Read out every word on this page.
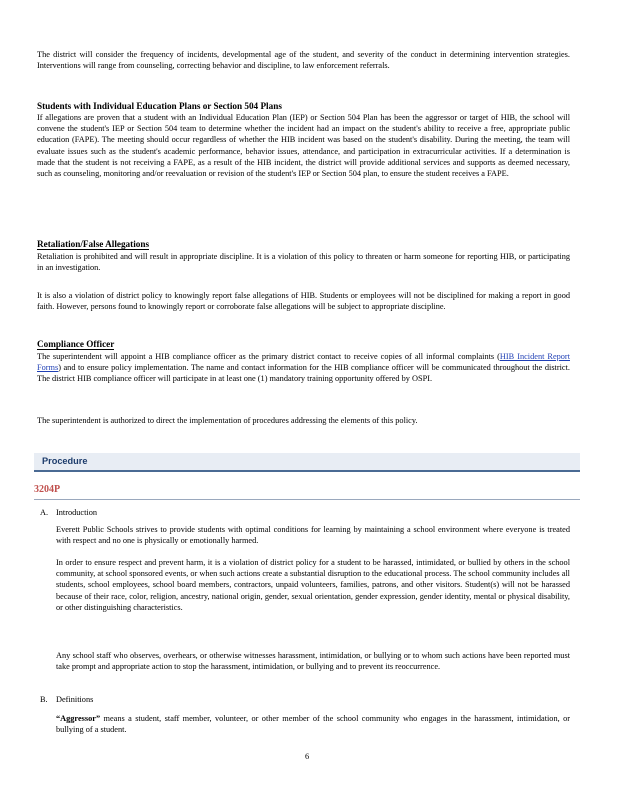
The district will consider the frequency of incidents, developmental age of the student, and severity of the conduct in determining intervention strategies. Interventions will range from counseling, correcting behavior and discipline, to law enforcement referrals.

Students with Individual Education Plans or Section 504 Plans

If allegations are proven that a student with an Individual Education Plan (IEP) or Section 504 Plan has been the aggressor or target of HIB, the school will convene the student's IEP or Section 504 team to determine whether the incident had an impact on the student's ability to receive a free, appropriate public education (FAPE). The meeting should occur regardless of whether the HIB incident was based on the student's disability. During the meeting, the team will evaluate issues such as the student's academic performance, behavior issues, attendance, and participation in extracurricular activities. If a determination is made that the student is not receiving a FAPE, as a result of the HIB incident, the district will provide additional services and supports as deemed necessary, such as counseling, monitoring and/or reevaluation or revision of the student's IEP or Section 504 plan, to ensure the student receives a FAPE.

Retaliation/False Allegations

Retaliation is prohibited and will result in appropriate discipline. It is a violation of this policy to threaten or harm someone for reporting HIB, or participating in an investigation.

It is also a violation of district policy to knowingly report false allegations of HIB. Students or employees will not be disciplined for making a report in good faith. However, persons found to knowingly report or corroborate false allegations will be subject to appropriate discipline.

Compliance Officer

The superintendent will appoint a HIB compliance officer as the primary district contact to receive copies of all informal complaints (HIB Incident Report Forms) and to ensure policy implementation. The name and contact information for the HIB compliance officer will be communicated throughout the district. The district HIB compliance officer will participate in at least one (1) mandatory training opportunity offered by OSPI.

The superintendent is authorized to direct the implementation of procedures addressing the elements of this policy.

Procedure
3204P
A. Introduction

Everett Public Schools strives to provide students with optimal conditions for learning by maintaining a school environment where everyone is treated with respect and no one is physically or emotionally harmed.

In order to ensure respect and prevent harm, it is a violation of district policy for a student to be harassed, intimidated, or bullied by others in the school community, at school sponsored events, or when such actions create a substantial disruption to the educational process. The school community includes all students, school employees, school board members, contractors, unpaid volunteers, families, patrons, and other visitors. Student(s) will not be harassed because of their race, color, religion, ancestry, national origin, gender, sexual orientation, gender expression, gender identity, mental or physical disability, or other distinguishing characteristics.

Any school staff who observes, overhears, or otherwise witnesses harassment, intimidation, or bullying or to whom such actions have been reported must take prompt and appropriate action to stop the harassment, intimidation, or bullying and to prevent its reoccurrence.

B. Definitions

“Aggressor” means a student, staff member, volunteer, or other member of the school community who engages in the harassment, intimidation, or bullying of a student.

6
